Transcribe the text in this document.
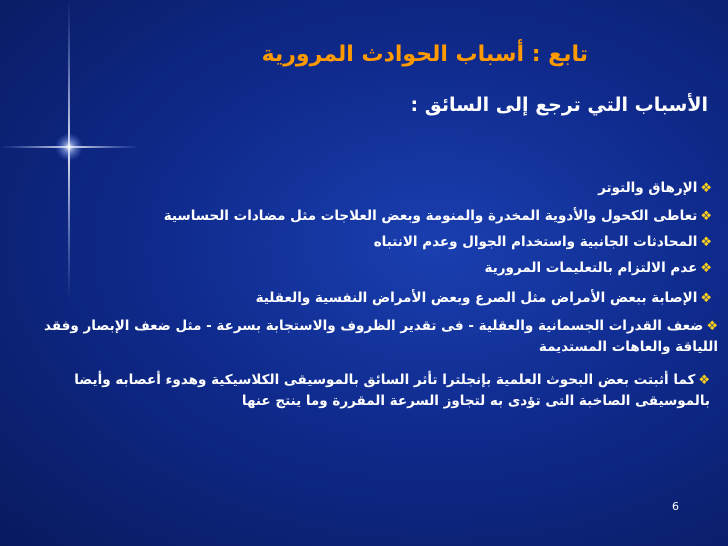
تابع : أسباب الحوادث المرورية
الأسباب التي ترجع إلى السائق :
❖الإرهاق والتوتر
❖تعاطى الكحول والأدوية المخدرة والمنومة وبعض العلاجات مثل مضادات الحساسية
❖المحادثات الجانبية واستخدام الجوال وعدم الانتباه
❖عدم الالتزام بالتعليمات المرورية
❖الإصابة ببعض الأمراض مثل الصرع وبعض الأمراض النفسية والعقلية
❖ضعف القدرات الجسمانية والعقلية - فى تقدير الظروف والاستجابة بسرعة - مثل ضعف الإبصار وفقد اللياقة والعاهات المستديمة
❖كما أثبتت بعض البحوث العلمية بإنجلترا تأثر السائق بالموسيقى الكلاسيكية وهدوء أعصابه وأيضا بالموسيقى الصاخبة التى تؤدى به لتجاوز السرعة المقررة وما ينتج عنها
6
